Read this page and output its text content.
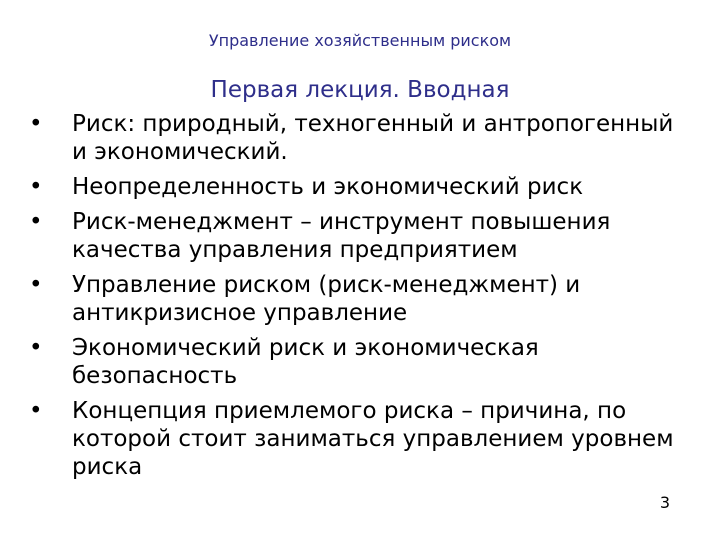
Управление хозяйственным риском
Первая лекция. Вводная
• Риск: природный, техногенный и антропогенный и экономический.
• Неопределенность и экономический риск
• Риск-менеджмент – инструмент повышения качества управления предприятием
• Управление риском (риск-менеджмент) и антикризисное управление
• Экономический риск и экономическая безопасность
• Концепция приемлемого риска – причина, по которой стоит заниматься управлением уровнем риска
3
